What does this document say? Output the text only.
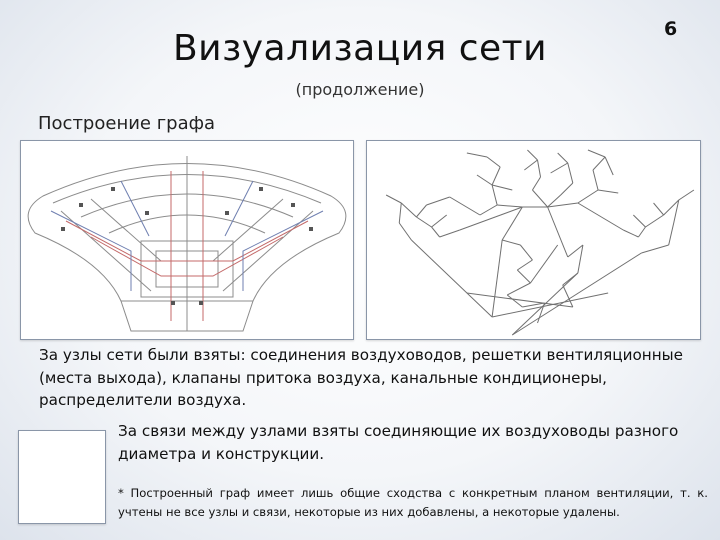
6
Визуализация сети
(продолжение)
Построение графа
За узлы сети были взяты: соединения воздуховодов, решетки вентиляционные (места выхода), клапаны притока воздуха, канальные кондиционеры, распределители воздуха.
За связи между узлами взяты соединяющие их воздуховоды разного диаметра и конструкции.
* Построенный граф имеет лишь общие сходства с конкретным планом вентиляции, т. к. учтены не все узлы и связи, некоторые из них добавлены, а некоторые удалены.
